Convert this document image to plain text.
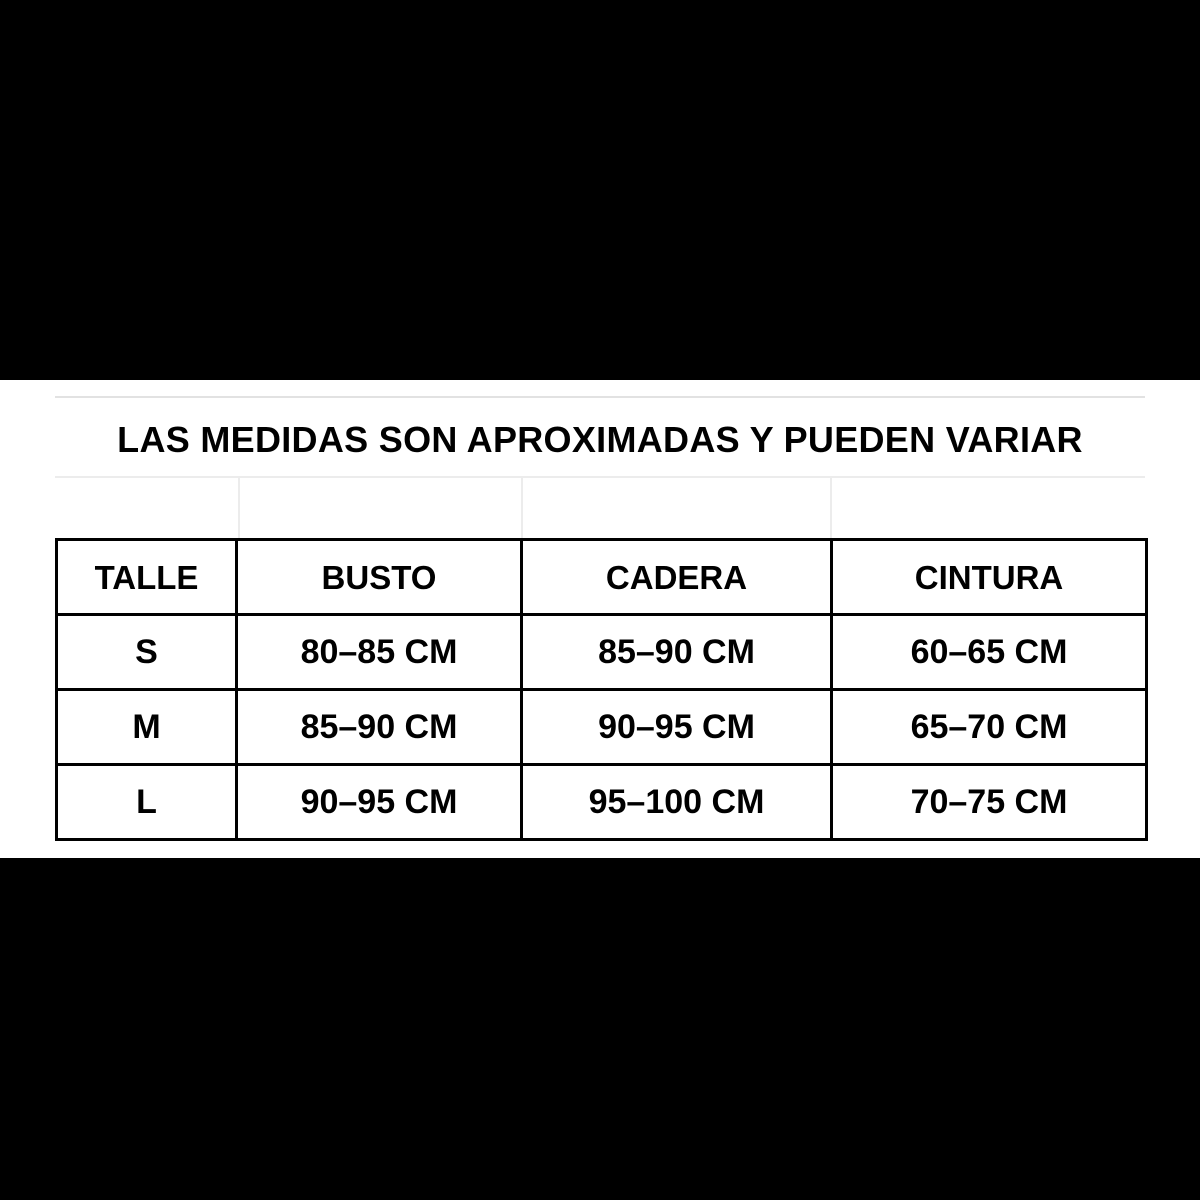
LAS MEDIDAS SON APROXIMADAS Y PUEDEN VARIAR
TALLE	BUSTO	CADERA	CINTURA
S	80–85 CM	85–90 CM	60–65 CM
M	85–90 CM	90–95 CM	65–70 CM
L	90–95 CM	95–100 CM	70–75 CM
